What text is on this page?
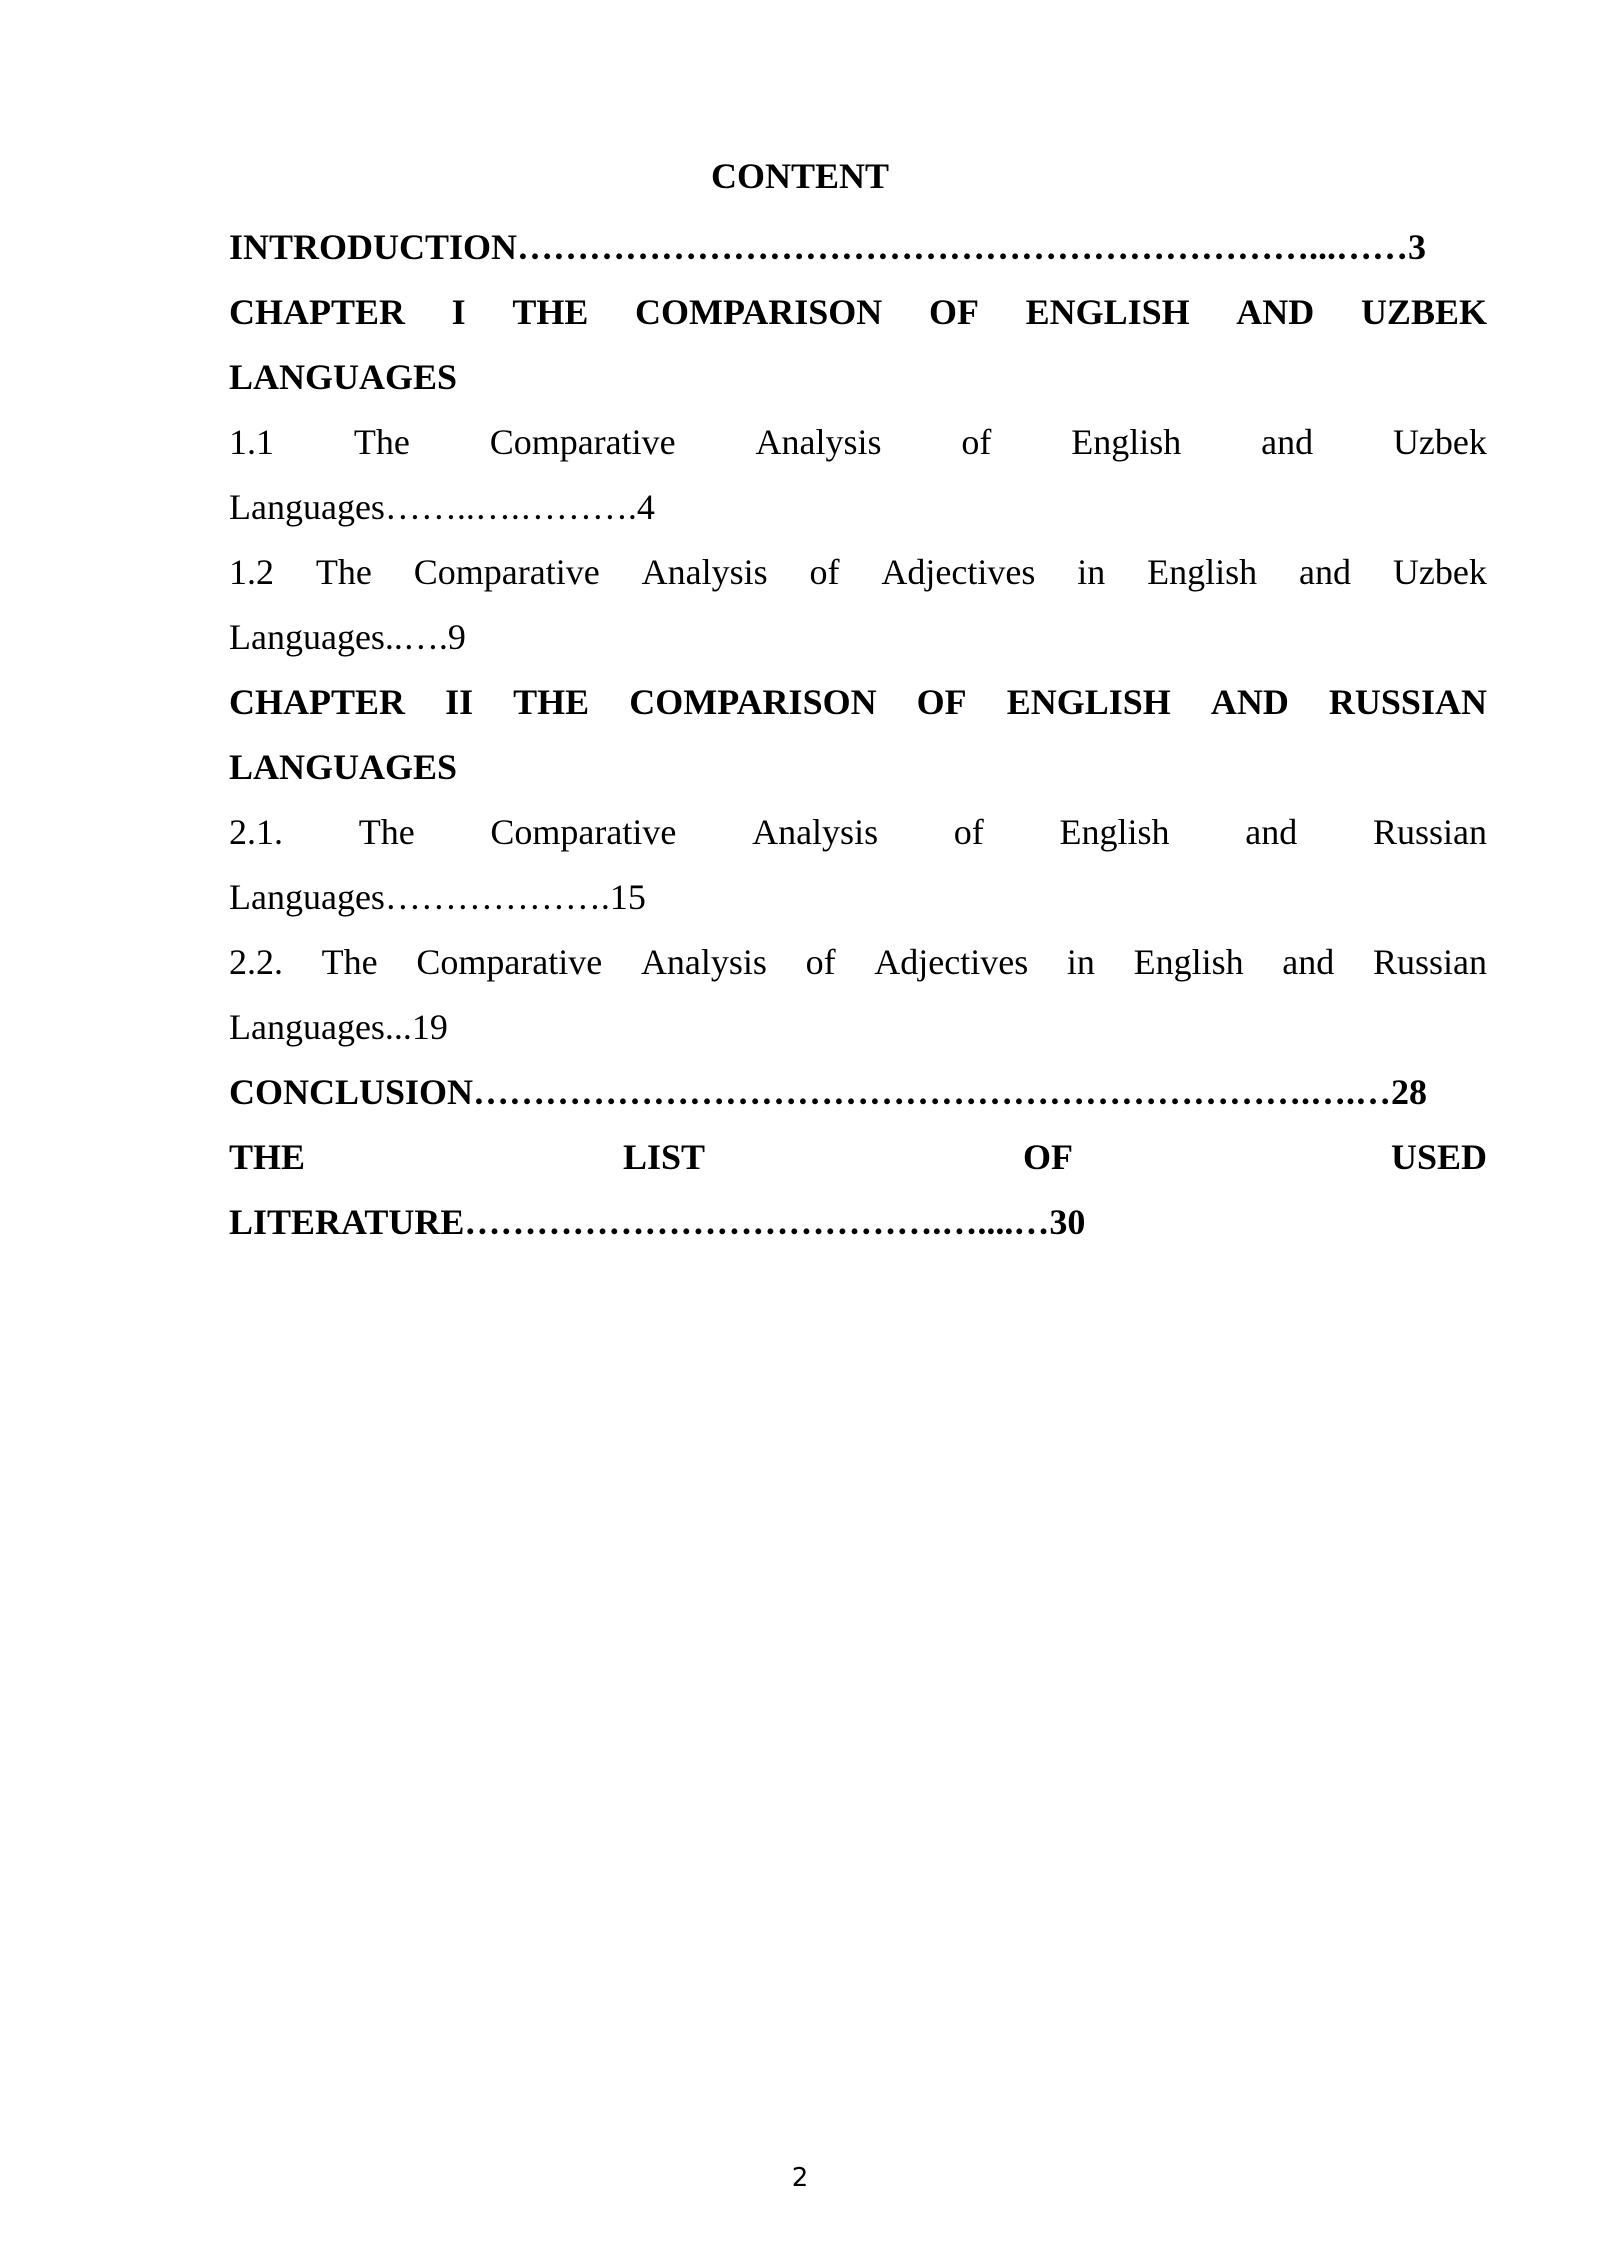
CONTENT
INTRODUCTION…………………………………………………………...……3
CHAPTER I THE COMPARISON OF ENGLISH AND UZBEK
LANGUAGES
1.1 The Comparative Analysis of English and Uzbek
Languages……..….……….4
1.2 The Comparative Analysis of Adjectives in English and Uzbek
Languages..….9
CHAPTER II THE COMPARISON OF ENGLISH AND RUSSIAN
LANGUAGES
2.1. The Comparative Analysis of English and Russian
Languages……………….15
2.2. The Comparative Analysis of Adjectives in English and Russian
Languages...19
CONCLUSION…………………………………………………………….….…28
THE	LIST	OF	USED
LITERATURE………………………………….…....…30
2
